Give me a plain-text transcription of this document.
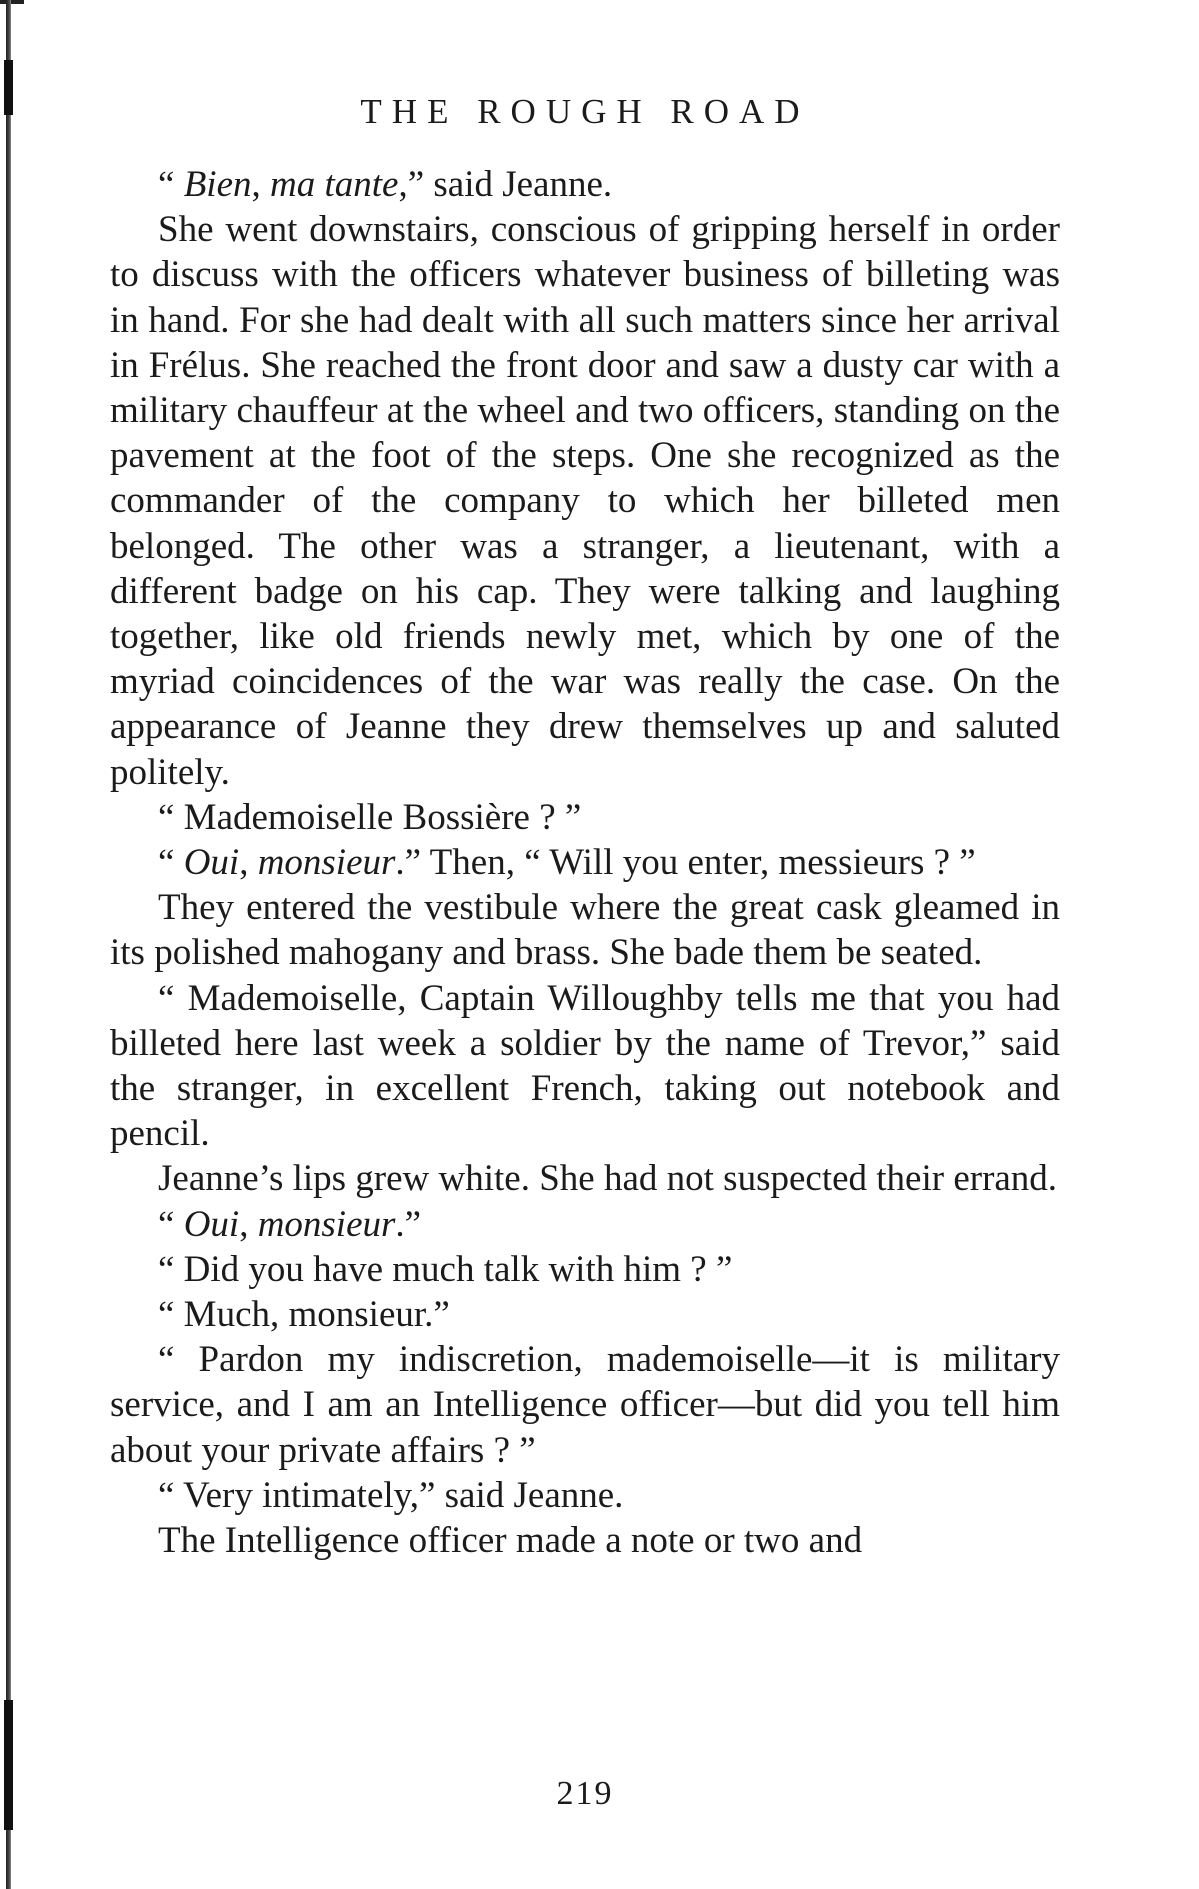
THE ROUGH ROAD

“ Bien, ma tante,” said Jeanne.

She went downstairs, conscious of gripping herself in order to discuss with the officers whatever business of billeting was in hand. For she had dealt with all such matters since her arrival in Frélus. She reached the front door and saw a dusty car with a military chauffeur at the wheel and two officers, standing on the pavement at the foot of the steps. One she recognized as the commander of the company to which her billeted men belonged. The other was a stranger, a lieutenant, with a different badge on his cap. They were talking and laughing together, like old friends newly met, which by one of the myriad coincidences of the war was really the case. On the appearance of Jeanne they drew themselves up and saluted politely.

“ Mademoiselle Bossière ? ”

“ Oui, monsieur.” Then, “ Will you enter, messieurs ? ”

They entered the vestibule where the great cask gleamed in its polished mahogany and brass. She bade them be seated.

“ Mademoiselle, Captain Willoughby tells me that you had billeted here last week a soldier by the name of Trevor,” said the stranger, in excellent French, taking out notebook and pencil.

Jeanne’s lips grew white. She had not suspected their errand.

“ Oui, monsieur.”

“ Did you have much talk with him ? ”

“ Much, monsieur.”

“ Pardon my indiscretion, mademoiselle—it is military service, and I am an Intelligence officer—but did you tell him about your private affairs ? ”

“ Very intimately,” said Jeanne.

The Intelligence officer made a note or two and

219
